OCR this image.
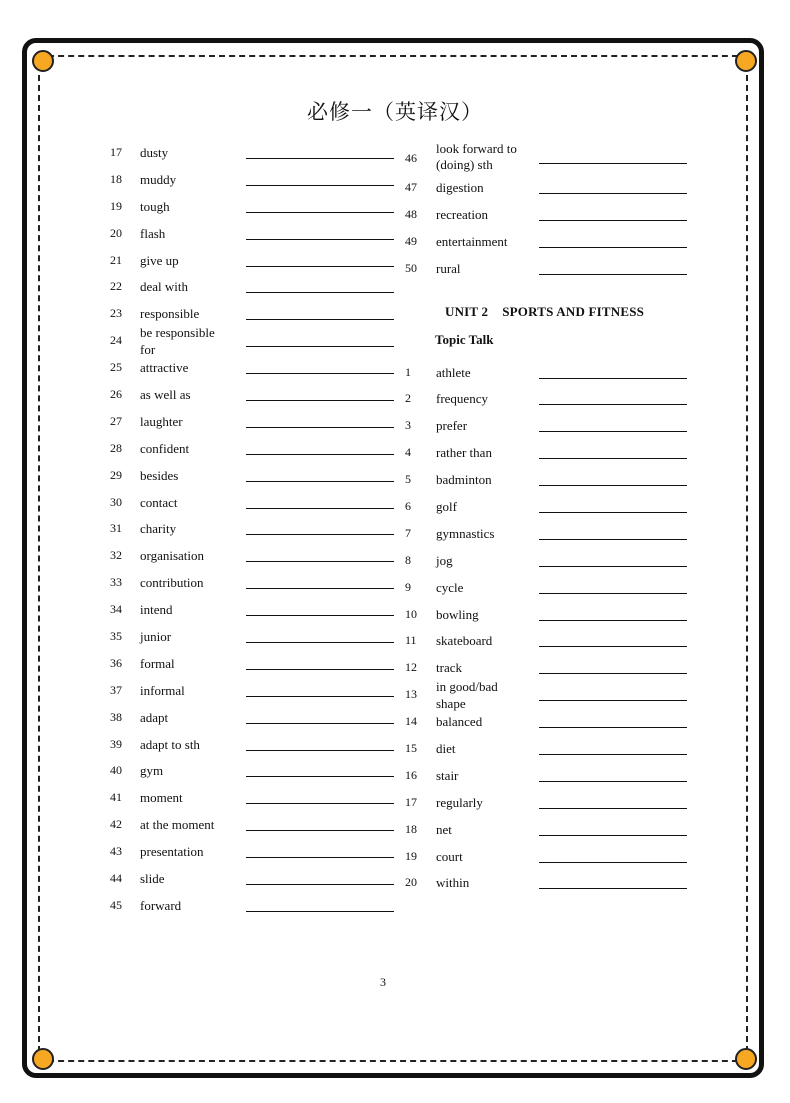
必修一（英译汉）
17	dusty
18	muddy
19	tough
20	flash
21	give up
22	deal with
23	responsible
24	be responsible
for
25	attractive
26	as well as
27	laughter
28	confident
29	besides
30	contact
31	charity
32	organisation
33	contribution
34	intend
35	junior
36	formal
37	informal
38	adapt
39	adapt to sth
40	gym
41	moment
42	at the moment
43	presentation
44	slide
45	forward
46
look forward to
(doing) sth
47	digestion
48	recreation
49	entertainment
50	rural
UNIT 2 SPORTS AND FITNESS
Topic Talk
1	athlete
2	frequency
3	prefer
4	rather than
5	badminton
6	golf
7	gymnastics
8	jog
9	cycle
10	bowling
11	skateboard
12	track
13	in good/bad
shape
14	balanced
15	diet
16	stair
17	regularly
18	net
19	court
20	within
3
